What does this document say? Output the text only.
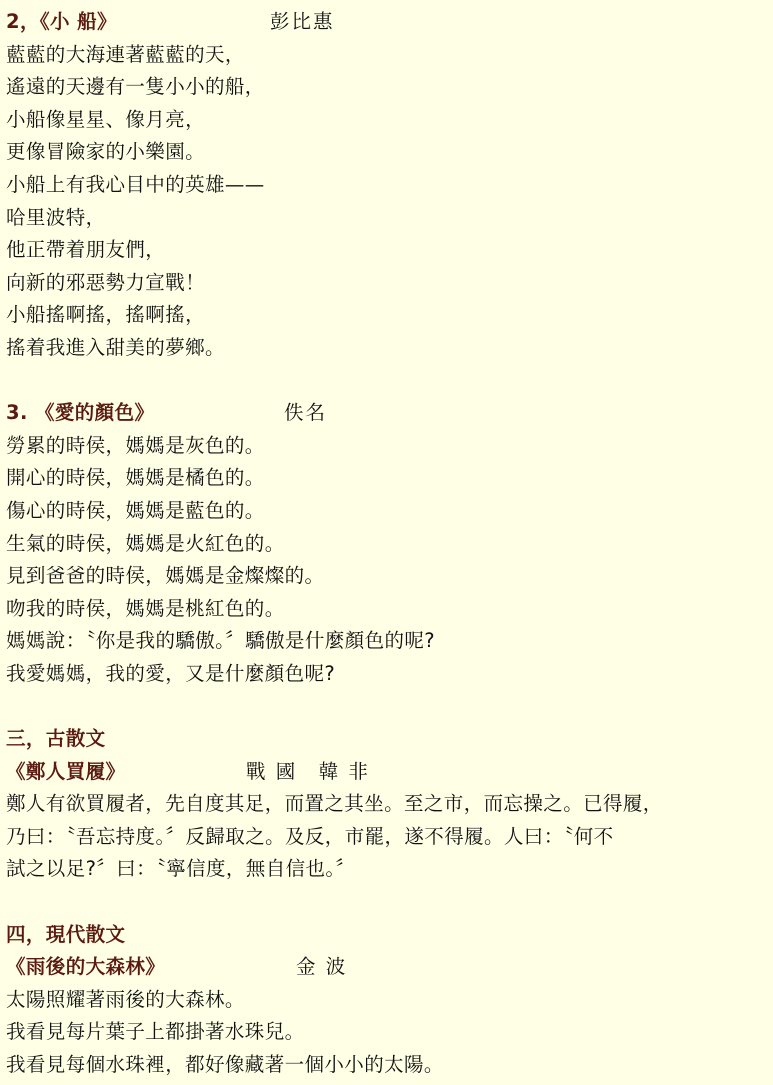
2，《小 船》	彭比惠
藍藍的大海連著藍藍的天，
遙遠的天邊有一隻小小的船，
小船像星星、像月亮，
更像冒險家的小樂園。
小船上有我心目中的英雄——
哈里波特，
他正帶着朋友們，
向新的邪惡勢力宣戰！
小船搖啊搖，搖啊搖，
搖着我進入甜美的夢鄉。
3. 《愛的顏色》	佚名
勞累的時侯，媽媽是灰色的。
開心的時侯，媽媽是橘色的。
傷心的時侯，媽媽是藍色的。
生氣的時侯，媽媽是火紅色的。
見到爸爸的時侯，媽媽是金燦燦的。
吻我的時侯，媽媽是桃紅色的。
媽媽說：〝你是我的驕傲。〞驕傲是什麼顏色的呢?
我愛媽媽，我的愛，又是什麼顏色呢?
三，古散文
《鄭人買履》	戰 國　韓 非
鄭人有欲買履者，先自度其足，而置之其坐。至之市，而忘操之。已得履，
乃曰：〝吾忘持度。〞反歸取之。及反，市罷，遂不得履。人曰：〝何不
試之以足?〞曰：〝寧信度，無自信也。〞
四，現代散文
《雨後的大森林》	金 波
太陽照耀著雨後的大森林。
我看見每片葉子上都掛著水珠兒。
我看見每個水珠裡，都好像藏著一個小小的太陽。
